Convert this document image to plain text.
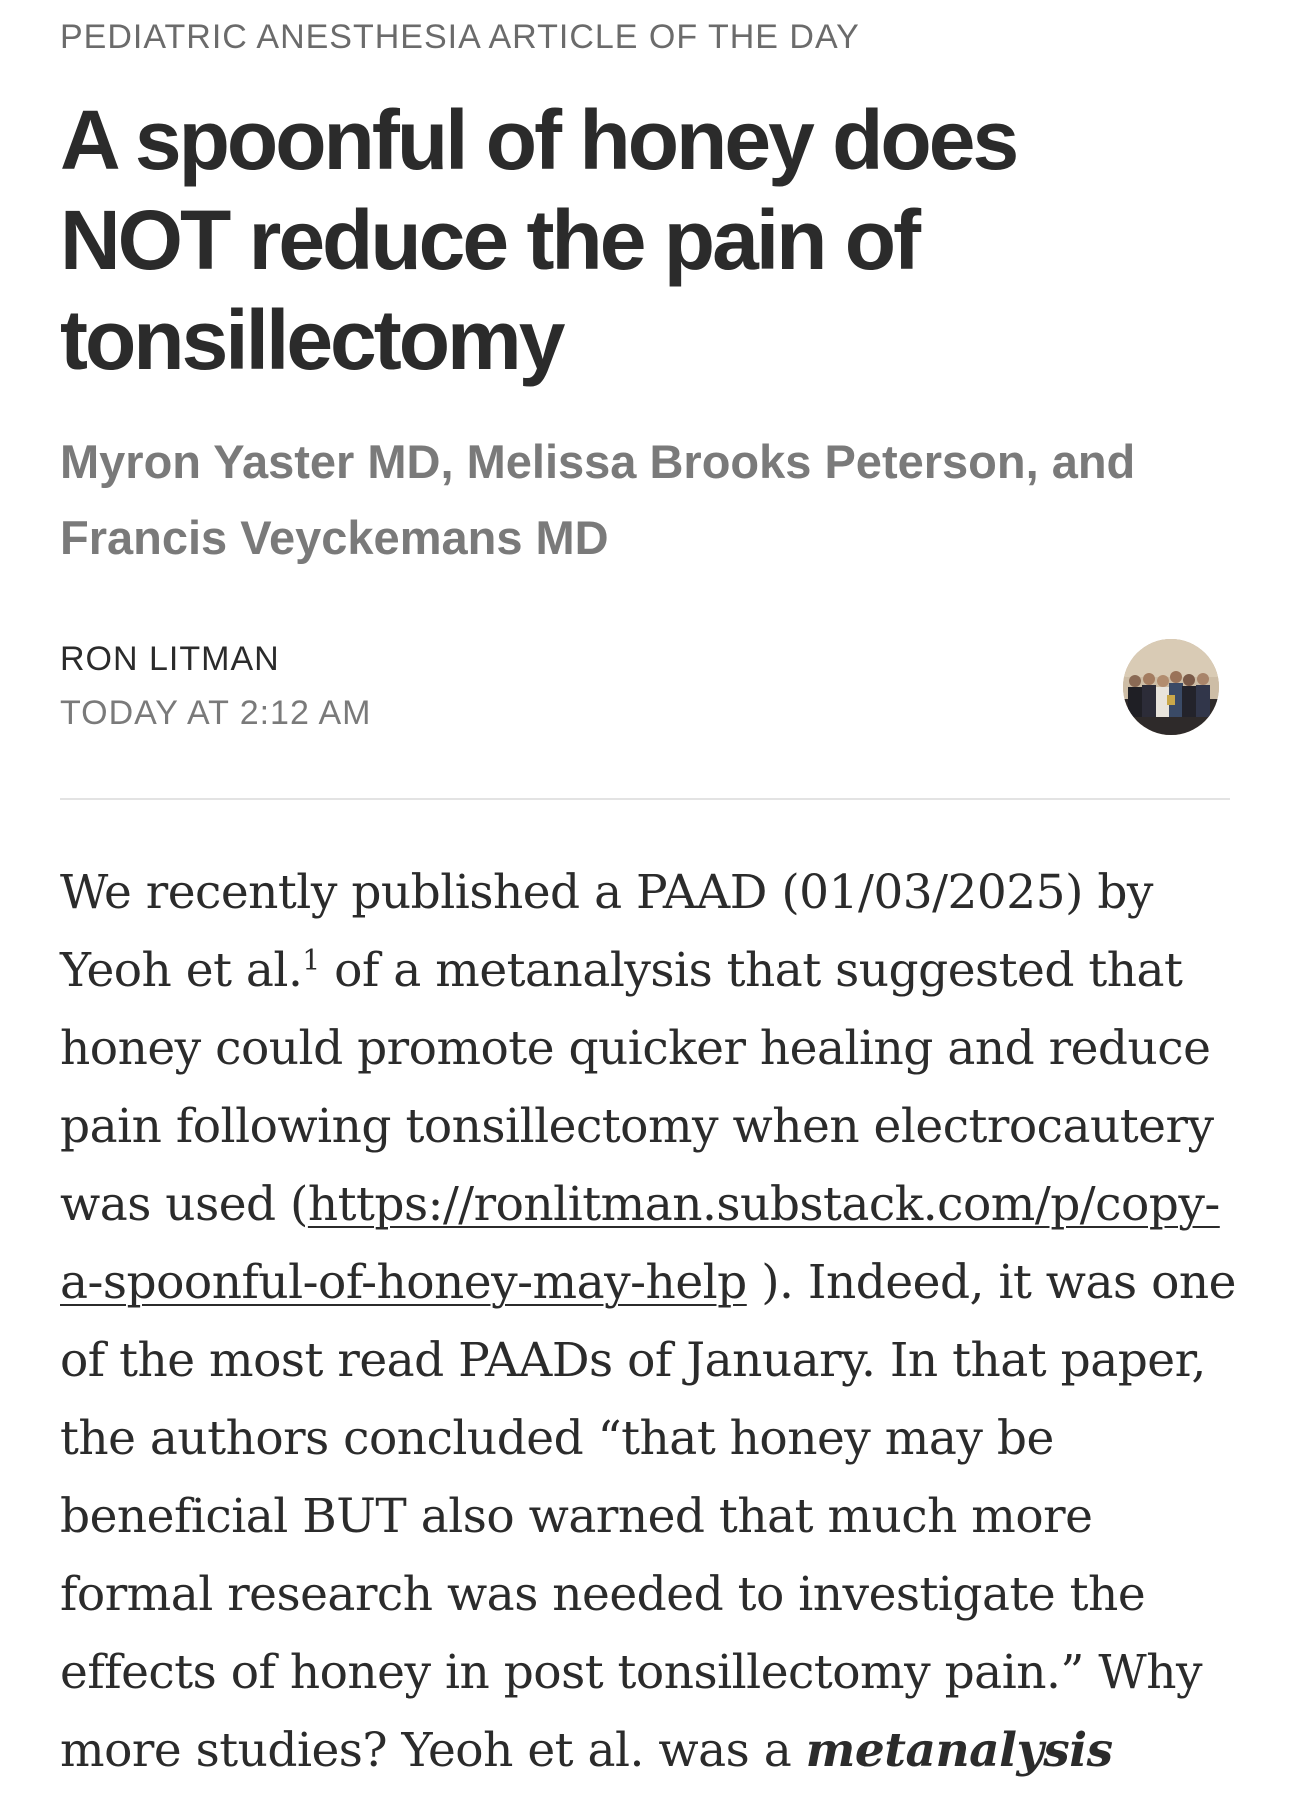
PEDIATRIC ANESTHESIA ARTICLE OF THE DAY
A spoonful of honey does NOT reduce the pain of tonsillectomy
Myron Yaster MD, Melissa Brooks Peterson, and Francis Veyckemans MD
RON LITMAN
TODAY AT 2:12 AM

We recently published a PAAD (01/03/2025) by Yeoh et al.$^1$ of a metanalysis that suggested that honey could promote quicker healing and reduce pain following tonsillectomy when electrocautery was used (https://ronlitman.substack.com/p/copy-a-spoonful-of-honey-may-help ). Indeed, it was one of the most read PAADs of January. In that paper, the authors concluded “that honey may be beneficial BUT also warned that much more formal research was needed to investigate the effects of honey in post tonsillectomy pain.” Why more studies? Yeoh et al. was a metanalysis
